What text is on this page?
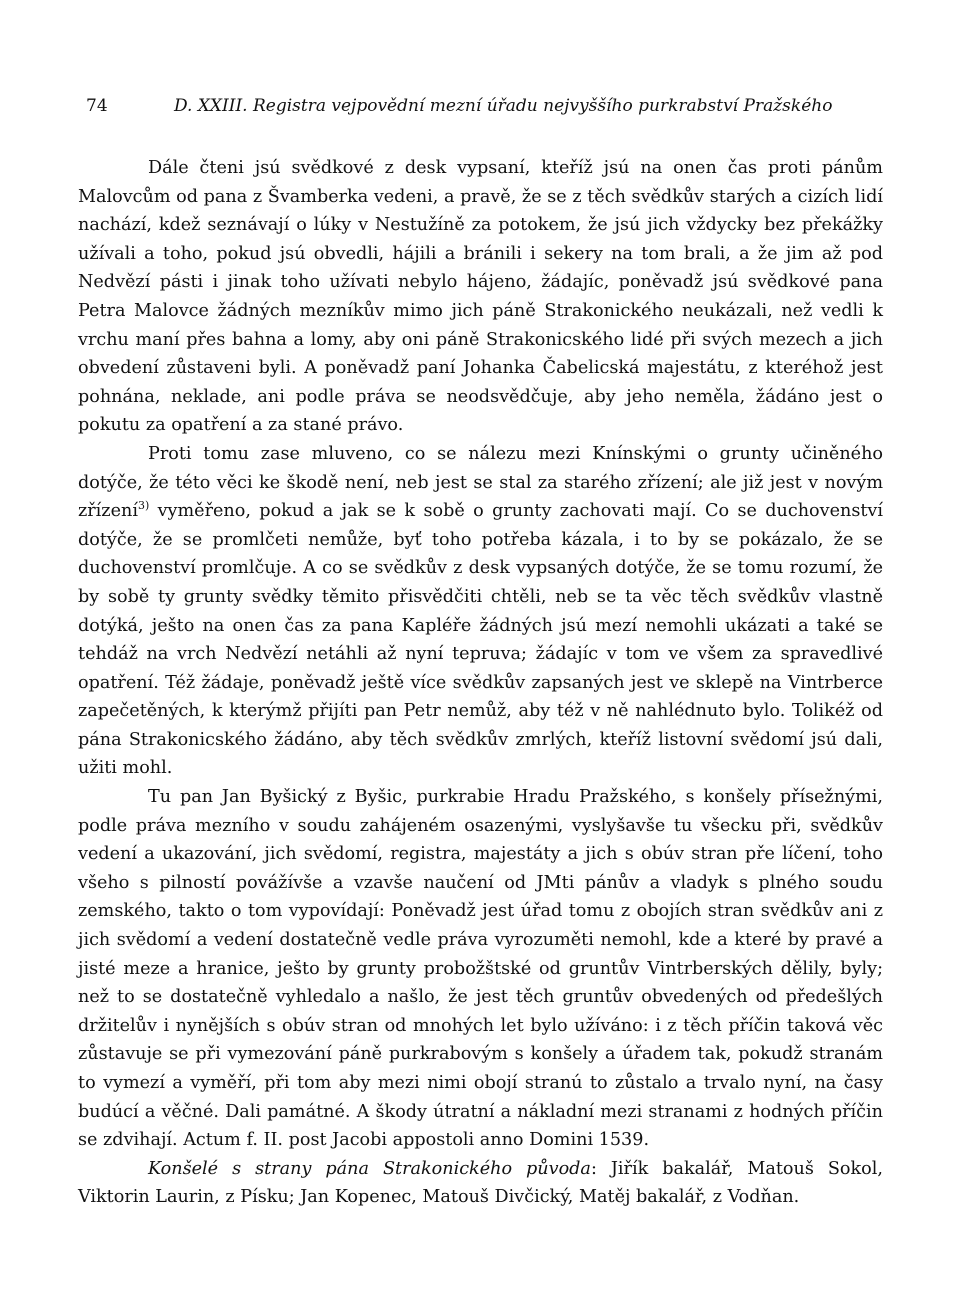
74	D. XXIII. Registra vejpovědní mezní úřadu nejvyššího purkrabství Pražského

Dále čteni jsú svědkové z desk vypsaní, kteříž jsú na onen čas proti pánům Malovcům od pana z Švamberka vedeni, a pravě, že se z těch svědkův starých a cizích lidí nachází, kdež seznávají o lúky v Nestužíně za potokem, že jsú jich vždycky bez překážky užívali a toho, pokud jsú obvedli, hájili a bránili i sekery na tom brali, a že jim až pod Nedvězí pásti i jinak toho užívati nebylo hájeno, žádajíc, poněvadž jsú svědkové pana Petra Malovce žádných mezníkův mimo jich páně Strakonického neukázali, než vedli k vrchu maní přes bahna a lomy, aby oni páně Strakonicského lidé při svých mezech a jich obvedení zůstaveni byli. A poněvadž paní Johanka Čabelicská majestátu, z kteréhož jest pohnána, neklade, ani podle práva se neodsvědčuje, aby jeho neměla, žádáno jest o pokutu za opatření a za stané právo.

Proti tomu zase mluveno, co se nálezu mezi Knínskými o grunty učiněného dotýče, že této věci ke škodě není, neb jest se stal za starého zřízení; ale již jest v novým zřízení$^{3)}$ vyměřeno, pokud a jak se k sobě o grunty zachovati mají. Co se duchovenství dotýče, že se promlčeti nemůže, byť toho potřeba kázala, i to by se pokázalo, že se duchovenství promlčuje. A co se svědkův z desk vypsaných dotýče, že se tomu rozumí, že by sobě ty grunty svědky těmito přisvědčiti chtěli, neb se ta věc těch svědkův vlastně dotýká, ješto na onen čas za pana Kapléře žádných jsú mezí nemohli ukázati a také se tehdáž na vrch Nedvězí netáhli až nyní tepruva; žádajíc v tom ve všem za spravedlivé opatření. Též žádaje, poněvadž ještě více svědkův zapsaných jest ve sklepě na Vintrberce zapečetěných, k kterýmž přijíti pan Petr nemůž, aby též v ně nahlédnuto bylo. Tolikéž od pána Strakonicského žádáno, aby těch svědkův zmrlých, kteříž listovní svědomí jsú dali, užiti mohl.

Tu pan Jan Byšický z Byšic, purkrabie Hradu Pražského, s konšely přísežnými, podle práva mezního v soudu zahájeném osazenými, vyslyšavše tu všecku při, svědkův vedení a ukazování, jich svědomí, registra, majestáty a jich s obúv stran pře líčení, toho všeho s pilností povážívše a vzavše naučení od JMti pánův a vladyk s plného soudu zemského, takto o tom vypovídají: Poněvadž jest úřad tomu z obojích stran svědkův ani z jich svědomí a vedení dostatečně vedle práva vyrozuměti nemohl, kde a které by pravé a jisté meze a hranice, ješto by grunty probožštské od gruntův Vintrberských dělily, byly; než to se dostatečně vyhledalo a našlo, že jest těch gruntův obvedených od předešlých držitelův i nynějších s obúv stran od mnohých let bylo užíváno: i z těch příčin taková věc zůstavuje se při vymezování páně purkrabovým s konšely a úřadem tak, pokudž stranám to vymezí a vyměří, při tom aby mezi nimi obojí stranú to zůstalo a trvalo nyní, na časy budúcí a věčné. Dali památné. A škody útratní a nákladní mezi stranami z hodných příčin se zdvihají. Actum f. II. post Jacobi appostoli anno Domini 1539.

Konšelé s strany pána Strakonického původa: Jiřík bakalář, Matouš Sokol, Viktorin Laurin, z Písku; Jan Kopenec, Matouš Divčický, Matěj bakalář, z Vodňan.
